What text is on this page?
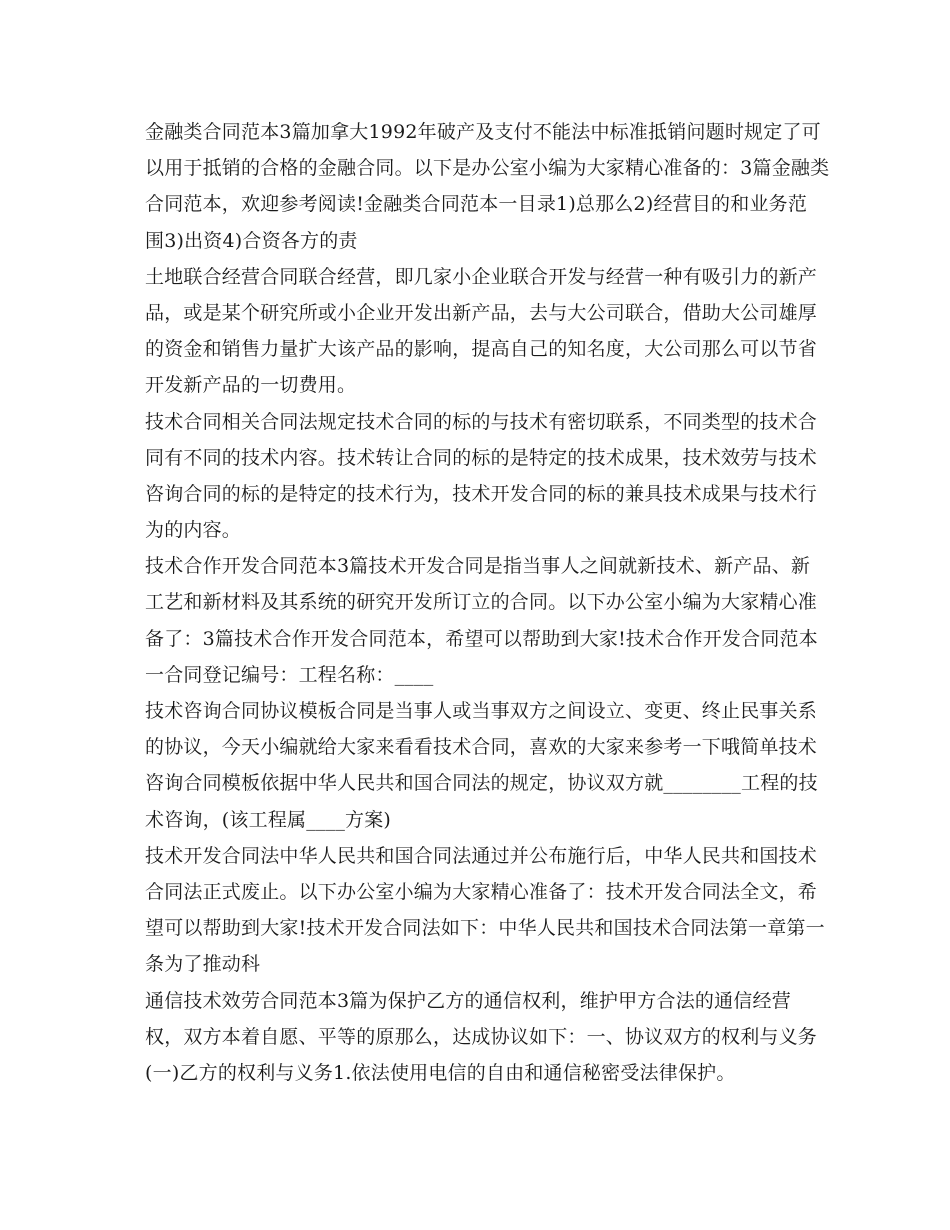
金融类合同范本3篇加拿大1992年破产及支付不能法中标准抵销问题时规定了可
以用于抵销的合格的金融合同。以下是办公室小编为大家精心准备的：3篇金融类
合同范本，欢迎参考阅读!金融类合同范本一目录1)总那么2)经营目的和业务范
围3)出资4)合资各方的责
土地联合经营合同联合经营，即几家小企业联合开发与经营一种有吸引力的新产
品，或是某个研究所或小企业开发出新产品，去与大公司联合，借助大公司雄厚
的资金和销售力量扩大该产品的影响，提高自己的知名度，大公司那么可以节省
开发新产品的一切费用。
技术合同相关合同法规定技术合同的标的与技术有密切联系，不同类型的技术合
同有不同的技术内容。技术转让合同的标的是特定的技术成果，技术效劳与技术
咨询合同的标的是特定的技术行为，技术开发合同的标的兼具技术成果与技术行
为的内容。
技术合作开发合同范本3篇技术开发合同是指当事人之间就新技术、新产品、新
工艺和新材料及其系统的研究开发所订立的合同。以下办公室小编为大家精心准
备了：3篇技术合作开发合同范本，希望可以帮助到大家!技术合作开发合同范本
一合同登记编号：工程名称：____
技术咨询合同协议模板合同是当事人或当事双方之间设立、变更、终止民事关系
的协议，今天小编就给大家来看看技术合同，喜欢的大家来参考一下哦简单技术
咨询合同模板依据中华人民共和国合同法的规定，协议双方就________工程的技
术咨询，(该工程属____方案)
技术开发合同法中华人民共和国合同法通过并公布施行后，中华人民共和国技术
合同法正式废止。以下办公室小编为大家精心准备了：技术开发合同法全文，希
望可以帮助到大家!技术开发合同法如下：中华人民共和国技术合同法第一章第一
条为了推动科
通信技术效劳合同范本3篇为保护乙方的通信权利，维护甲方合法的通信经营
权，双方本着自愿、平等的原那么，达成协议如下：一、协议双方的权利与义务
(一)乙方的权利与义务1.依法使用电信的自由和通信秘密受法律保护。
